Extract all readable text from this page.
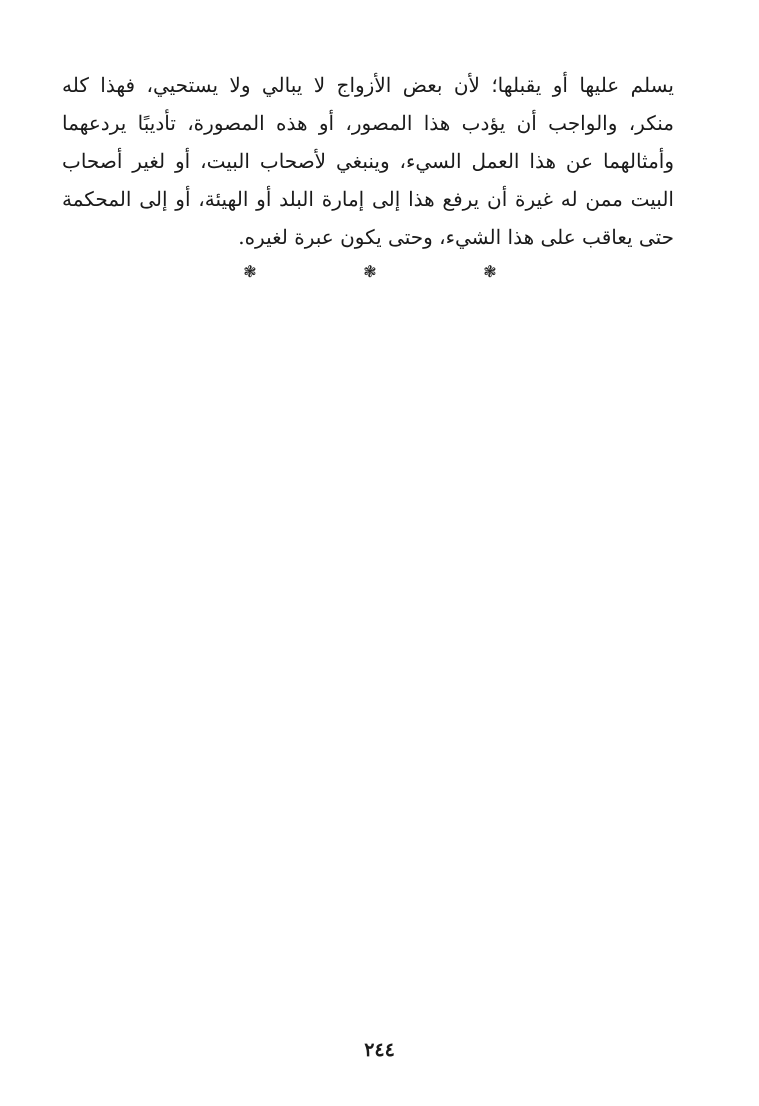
يسلم عليها أو يقبلها؛ لأن بعض الأزواج لا يبالي ولا يستحيي، فهذا كله
منكر، والواجب أن يؤدب هذا المصور، أو هذه المصورة، تأديبًا يردعهما
وأمثالهما عن هذا العمل السيء، وينبغي لأصحاب البيت، أو لغير أصحاب
البيت ممن له غيرة أن يرفع هذا إلى إمارة البلد أو الهيئة، أو إلى المحكمة
حتى يعاقب على هذا الشيء، وحتى يكون عبرة لغيره.
❃	❃	❃
٢٤٤
